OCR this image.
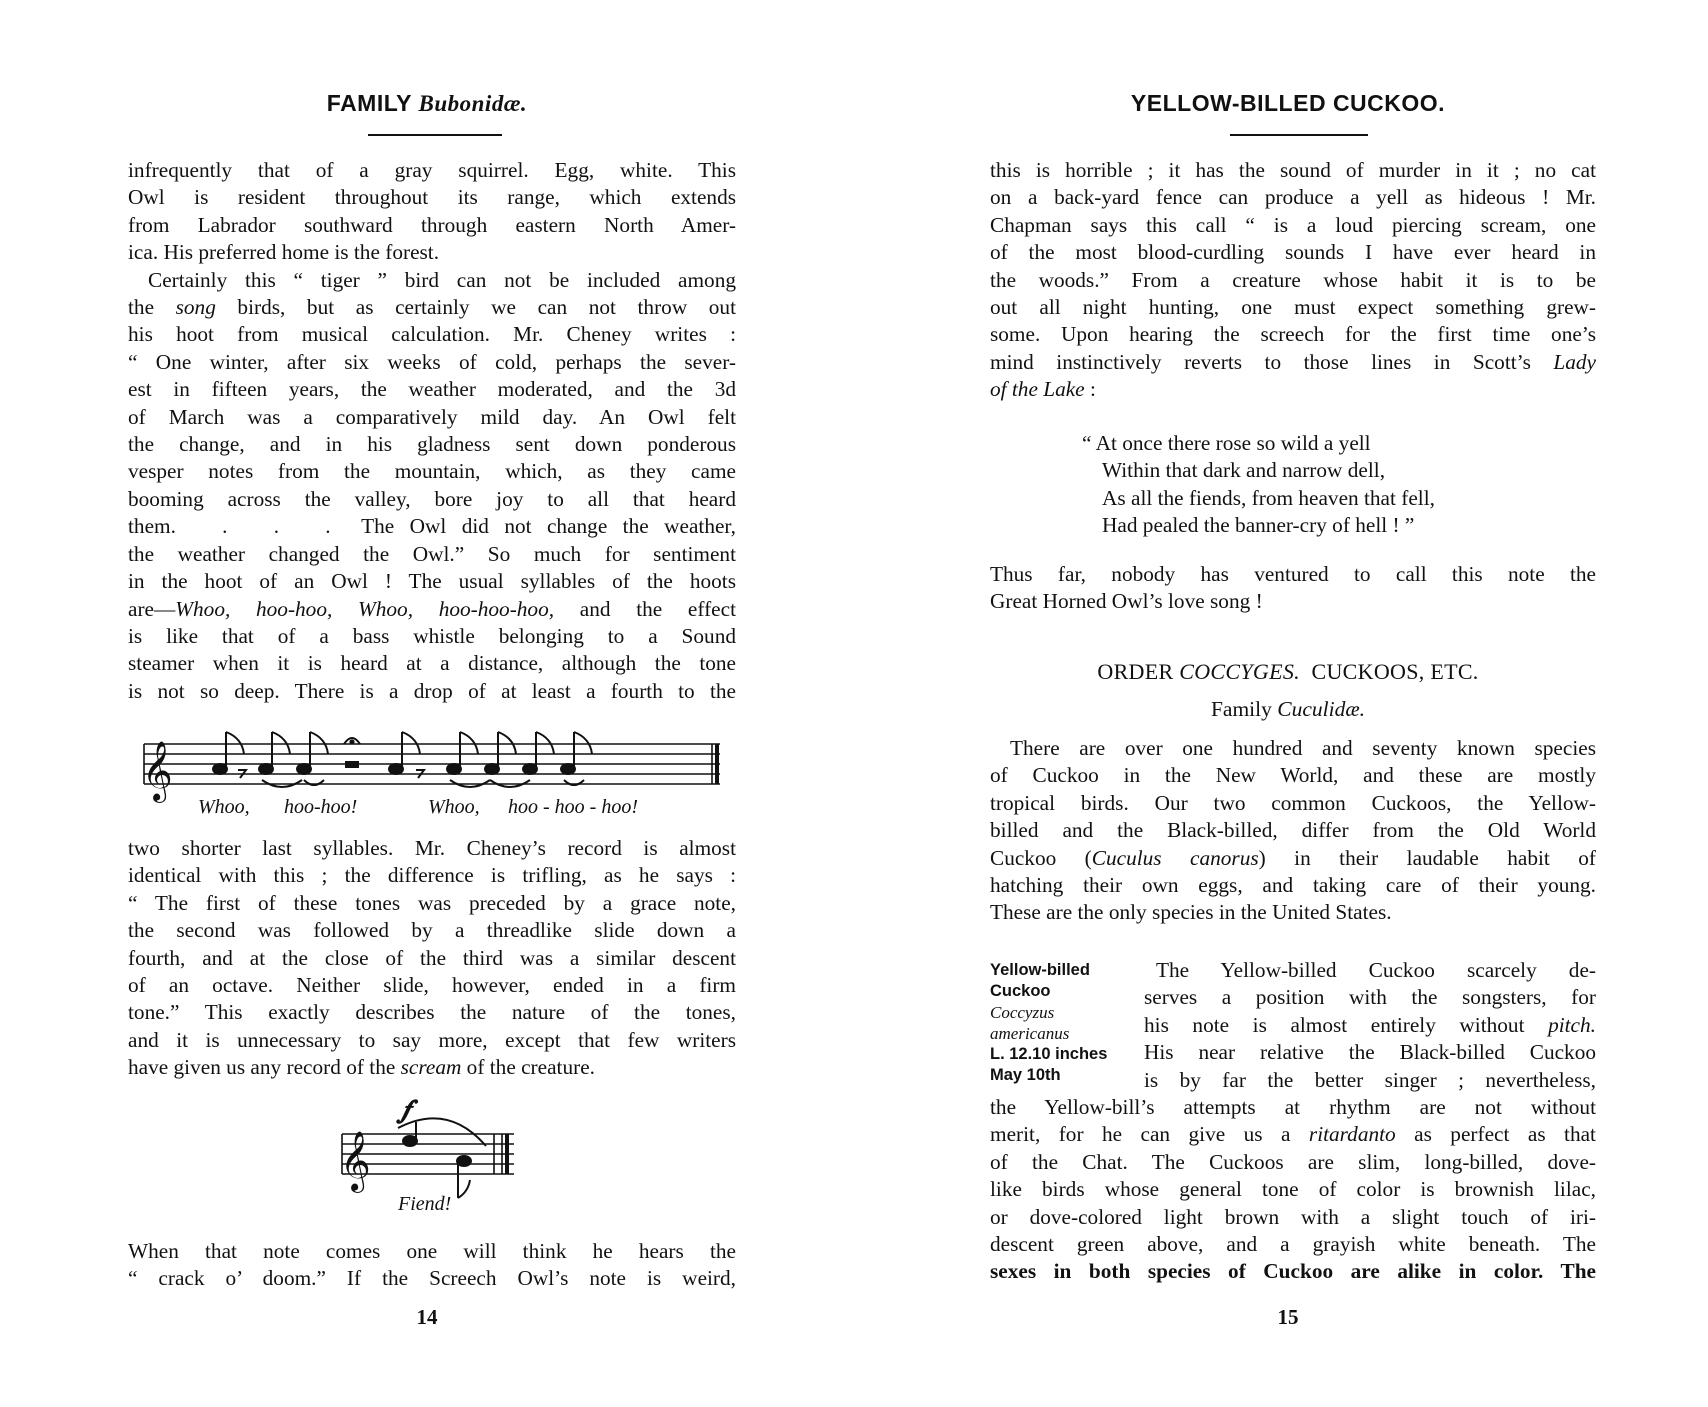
FAMILY Bubonidæ.

infrequently that of a gray squirrel. Egg, white. This
Owl is resident throughout its range, which extends
from Labrador southward through eastern North Amer-
ica. His preferred home is the forest.

Certainly this “ tiger ” bird can not be included among
the song birds, but as certainly we can not throw out
his hoot from musical calculation. Mr. Cheney writes :
“ One winter, after six weeks of cold, perhaps the sever-
est in fifteen years, the weather moderated, and the 3d
of March was a comparatively mild day. An Owl felt
the change, and in his gladness sent down ponderous
vesper notes from the mountain, which, as they came
booming across the valley, bore joy to all that heard
them.   .   .   .  The Owl did not change the weather,
the weather changed the Owl.” So much for sentiment
in the hoot of an Owl ! The usual syllables of the hoots
are—Whoo, hoo-hoo, Whoo, hoo-hoo-hoo, and the effect
is like that of a bass whistle belonging to a Sound
steamer when it is heard at a distance, although the tone
is not so deep. There is a drop of at least a fourth to the

𝄞
Whoo, hoo-hoo!	Whoo, hoo - hoo - hoo!

two shorter last syllables. Mr. Cheney’s record is almost
identical with this ; the difference is trifling, as he says :
“ The first of these tones was preceded by a grace note,
the second was followed by a threadlike slide down a
fourth, and at the close of the third was a similar descent
of an octave. Neither slide, however, ended in a firm
tone.” This exactly describes the nature of the tones,
and it is unnecessary to say more, except that few writers
have given us any record of the scream of the creature.

𝄞
𝆑
Fiend!

When that note comes one will think he hears the
“ crack o’ doom.” If the Screech Owl’s note is weird,

14
YELLOW-BILLED CUCKOO.

this is horrible ; it has the sound of murder in it ; no cat
on a back-yard fence can produce a yell as hideous ! Mr.
Chapman says this call “ is a loud piercing scream, one
of the most blood-curdling sounds I have ever heard in
the woods.” From a creature whose habit it is to be
out all night hunting, one must expect something grew-
some. Upon hearing the screech for the first time one’s
mind instinctively reverts to those lines in Scott’s Lady
of the Lake :

“ At once there rose so wild a yell
Within that dark and narrow dell,
As all the fiends, from heaven that fell,
Had pealed the banner-cry of hell ! ”

Thus far, nobody has ventured to call this note the
Great Horned Owl’s love song !

ORDER COCCYGES.  CUCKOOS, ETC.
Family Cuculidæ.

There are over one hundred and seventy known species
of Cuckoo in the New World, and these are mostly
tropical birds. Our two common Cuckoos, the Yellow-
billed and the Black-billed, differ from the Old World
Cuckoo (Cuculus canorus) in their laudable habit of
hatching their own eggs, and taking care of their young.
These are the only species in the United States.

Yellow-billed
Cuckoo
Coccyzus
americanus
L. 12.10 inches
May 10th

The Yellow-billed Cuckoo scarcely de-
serves a position with the songsters, for
his note is almost entirely without pitch.
His near relative the Black-billed Cuckoo
is by far the better singer ; nevertheless,

the Yellow-bill’s attempts at rhythm are not without
merit, for he can give us a ritardanto as perfect as that
of the Chat. The Cuckoos are slim, long-billed, dove-
like birds whose general tone of color is brownish lilac,
or dove-colored light brown with a slight touch of iri-
descent green above, and a grayish white beneath. The
sexes in both species of Cuckoo are alike in color. The

15
